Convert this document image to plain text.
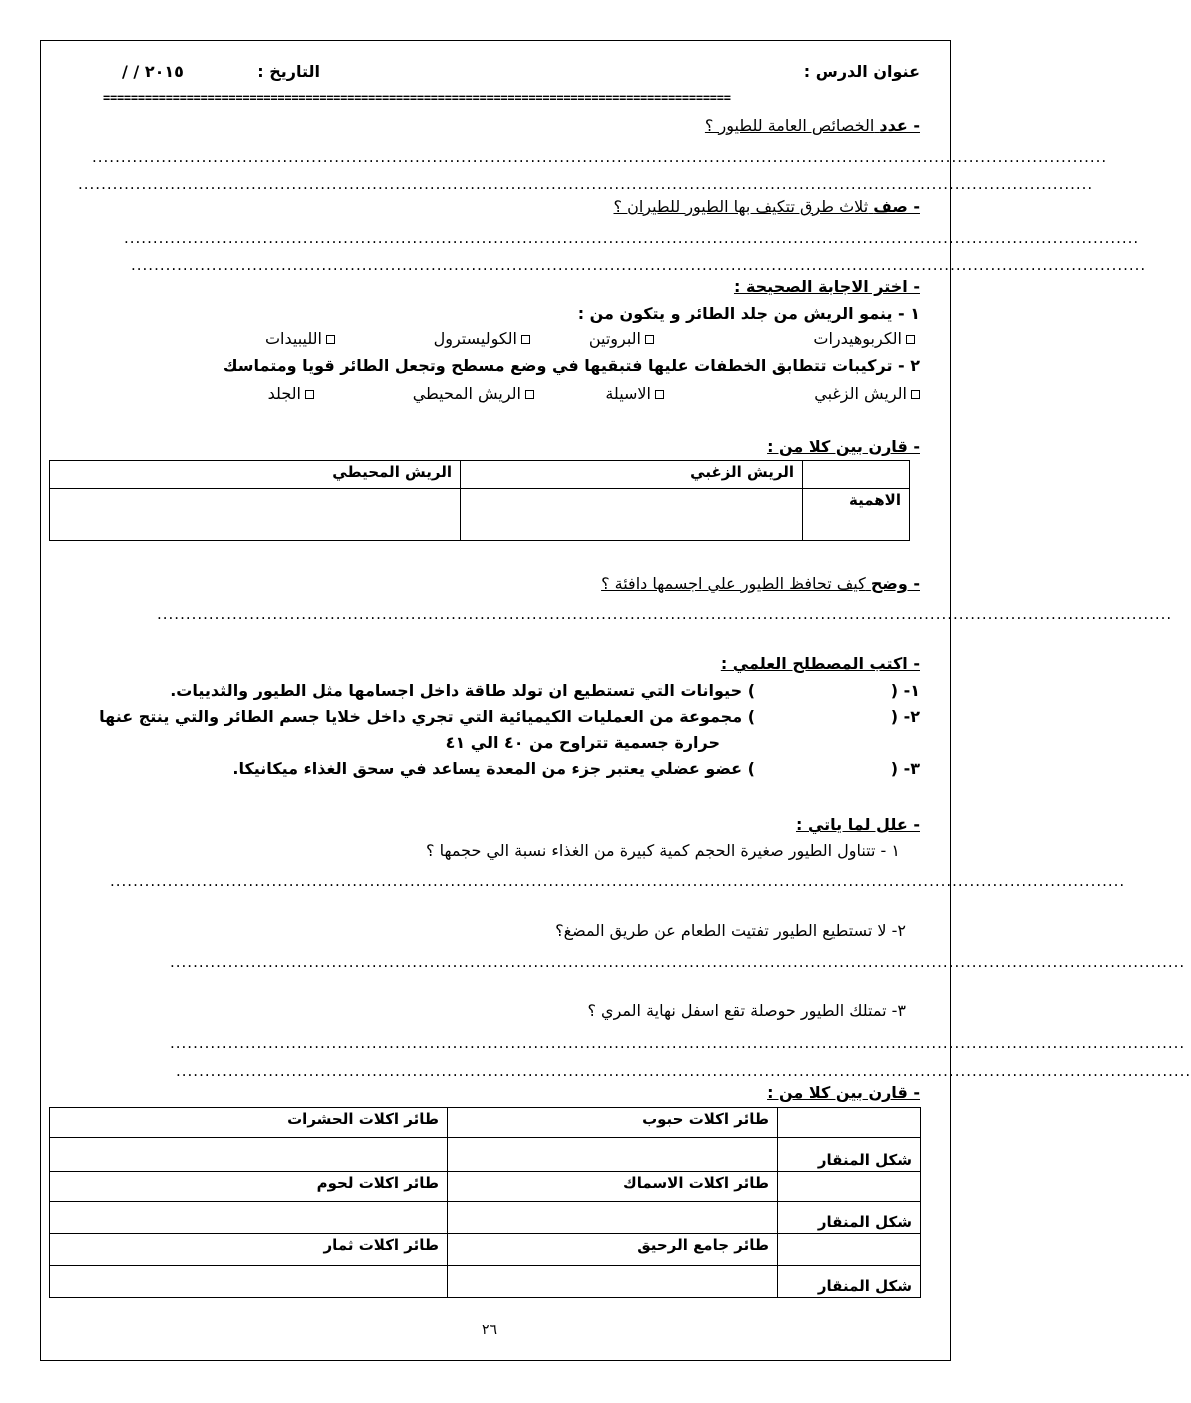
عنوان الدرس :
التاريخ :
/ / ٢٠١٥
==========================================================================================
- عدد الخصائص العامة للطيور ؟
................................................................................................................................................................................
................................................................................................................................................................................
- صف ثلاث طرق تتكيف بها الطيور للطيران ؟
................................................................................................................................................................................
................................................................................................................................................................................
- اختر الاجابة الصحيحة :
١ - ينمو الريش من جلد الطائر و يتكون من :
الكربوهيدرات
البروتين
الكوليسترول
الليبيدات
٢ - تركيبات تتطابق الخطفات عليها فتبقيها في وضع مسطح وتجعل الطائر قويا ومتماسك
الريش الزغبي
الاسيلة
الريش المحيطي
الجلد
- قارن بين كلا من :
	الريش الزغبي	الريش المحيطي
الاهمية		
- وضح كيف تحافظ الطيور علي اجسمها دافئة ؟
................................................................................................................................................................................
- اكتب المصطلح العلمي :
١- (
) حيوانات التي تستطيع ان تولد طاقة داخل اجسامها مثل الطيور والثدييات.
٢- (
) مجموعة من العمليات الكيميائية التي تجري داخل خلايا جسم الطائر والتي ينتج عنها
حرارة جسمية تتراوح من ٤٠ الي ٤١
٣- (
) عضو عضلي يعتبر جزء من المعدة يساعد في سحق الغذاء ميكانيكا.
- علل لما ياتي :
١ - تتناول الطيور صغيرة الحجم كمية كبيرة من الغذاء نسبة الي حجمها ؟
................................................................................................................................................................................
٢- لا تستطيع الطيور تفتيت الطعام عن طريق المضغ؟
................................................................................................................................................................................
٣- تمتلك الطيور حوصلة تقع اسفل نهاية المري ؟
................................................................................................................................................................................
................................................................................................................................................................................
- قارن بين كلا من :
	طائر اكلات حبوب	طائر اكلات الحشرات
شكل المنقار		
	طائر اكلات الاسماك	طائر اكلات لحوم
شكل المنقار		
	طائر جامع الرحيق	طائر اكلات ثمار
شكل المنقار		
٢٦
